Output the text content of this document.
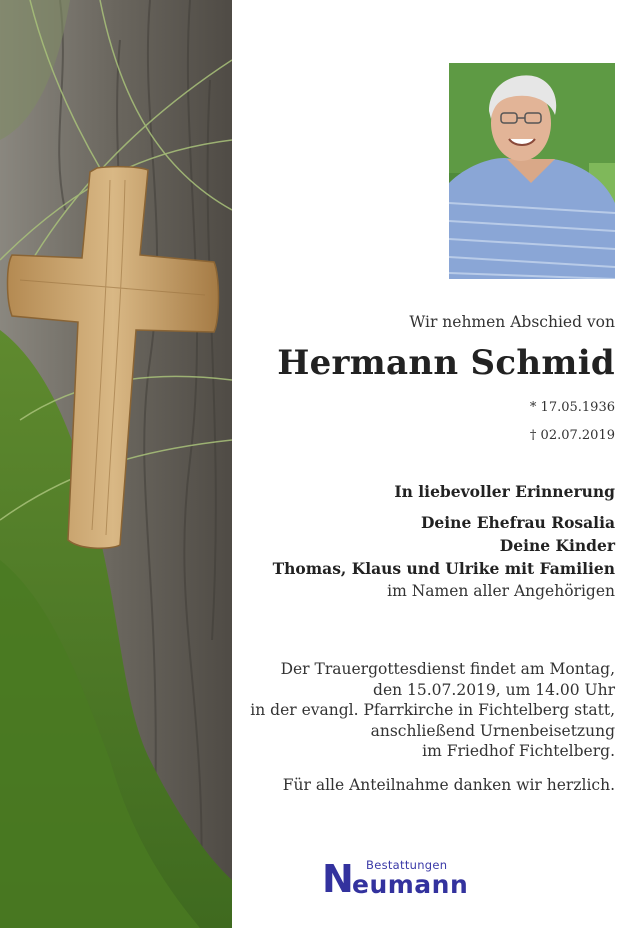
Wir nehmen Abschied von
Hermann Schmid
* 17.05.1936
† 02.07.2019
In liebevoller Erinnerung
Deine Ehefrau Rosalia
Deine Kinder
Thomas, Klaus und Ulrike mit Familien
im Namen aller Angehörigen
Der Trauergottesdienst findet am Montag,
den 15.07.2019, um 14.00 Uhr
in der evangl. Pfarrkirche in Fichtelberg statt,
anschließend Urnenbeisetzung
im Friedhof Fichtelberg.
Für alle Anteilnahme danken wir herzlich.
Bestattungen
N
eumann
